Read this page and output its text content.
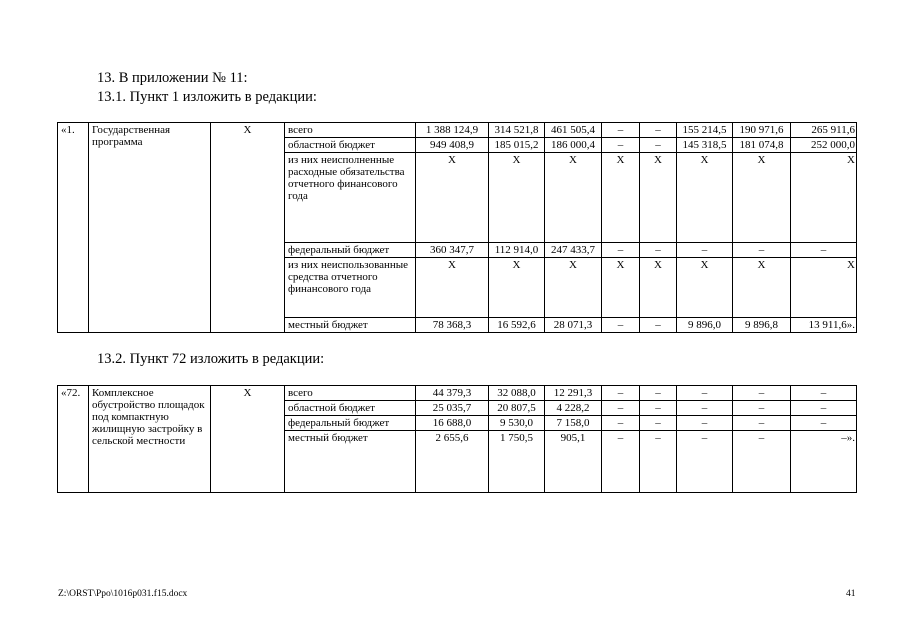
13. В приложении № 11:
13.1. Пункт 1 изложить в редакции:
«1.	Государственная программа	X	всего	1 388 124,9	314 521,8	461 505,4	–	–	155 214,5	190 971,6	265 911,6
			областной бюджет	949 408,9	185 015,2	186 000,4	–	–	145 318,5	181 074,8	252 000,0
			из них неисполненные расходные обязательства отчетного финансового года	X	X	X	X	X	X	X	X
			федеральный бюджет	360 347,7	112 914,0	247 433,7	–	–	–	–	–
			из них неиспользованные средства отчетного финансового года	X	X	X	X	X	X	X	X
			местный бюджет	78 368,3	16 592,6	28 071,3	–	–	9 896,0	9 896,8	13 911,6».
13.2. Пункт 72 изложить в редакции:
«72.	Комплексное обустройство площадок под компактную жилищную застройку в сельской местности	X	всего	44 379,3	32 088,0	12 291,3	–	–	–	–	–
			областной бюджет	25 035,7	20 807,5	4 228,2	–	–	–	–	–
			федеральный бюджет	16 688,0	9 530,0	7 158,0	–	–	–	–	–
			местный бюджет	2 655,6	1 750,5	905,1	–	–	–	–	–».
Z:\ORST\Ppo\1016p031.f15.docx	41
